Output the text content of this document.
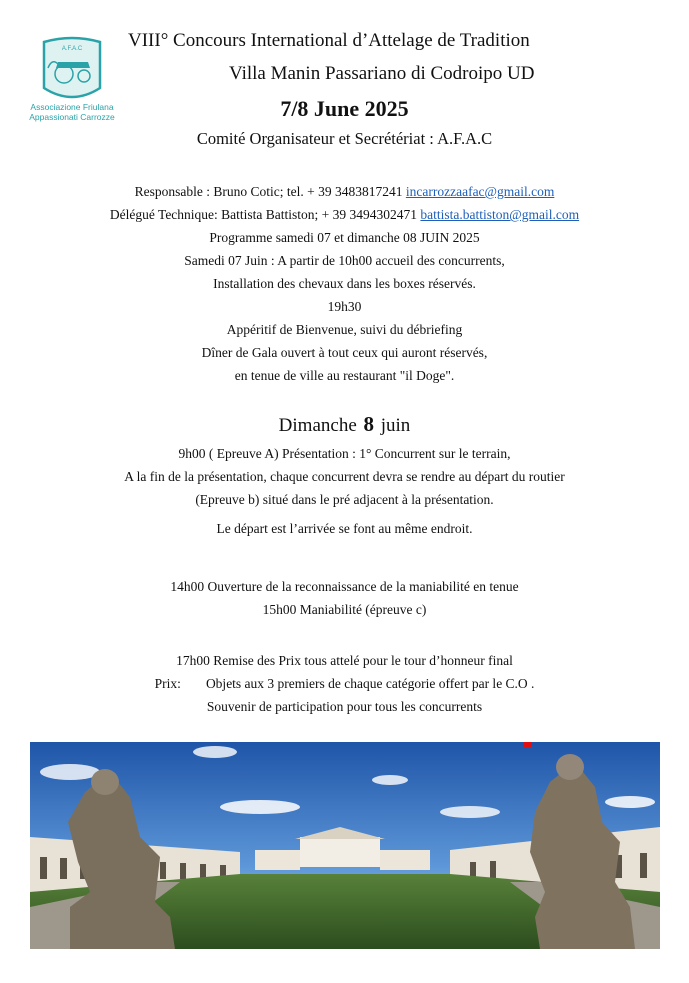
A.F.A.C
Associazione Friulana
Appassionati Carrozze
VIII° Concours International d’Attelage de Tradition
Villa Manin Passariano di Codroipo UD
7/8 June 2025
Comité Organisateur et Secrétériat : A.F.A.C
Responsable : Bruno Cotic; tel. + 39 3483817241 incarrozzaafac@gmail.com
Délégué Technique: Battista Battiston; + 39 3494302471 battista.battiston@gmail.com
Programme samedi 07 et dimanche 08 JUIN 2025
Samedi 07 Juin : A partir de 10h00 accueil des concurrents,
Installation des chevaux dans les boxes réservés.
19h30
Appéritif de Bienvenue, suivi du débriefing
Dîner de Gala ouvert à tout ceux qui auront réservés,
en tenue de ville au restaurant "il Doge".
Dimanche 8 juin
9h00 ( Epreuve A) Présentation : 1° Concurrent sur le terrain,
A la fin de la présentation, chaque concurrent devra se rendre au départ du routier
(Epreuve b) situé dans le pré adjacent à la présentation.
Le départ est l’arrivée se font au même endroit.
14h00 Ouverture de la reconnaissance de la maniabilité en tenue
15h00 Maniabilité (épreuve c)
17h00 Remise des Prix tous attelé pour le tour d’honneur final
Prix: Objets aux 3 premiers de chaque catégorie offert par le C.O .
Souvenir de participation pour tous les concurrents
